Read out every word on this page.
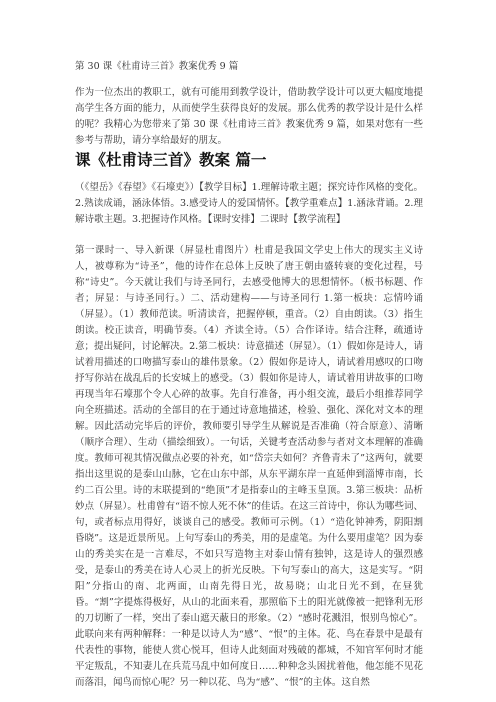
第 30 课《杜甫诗三首》教案优秀 9 篇
作为一位杰出的教职工，就有可能用到教学设计，借助教学设计可以更大幅度地提高学生各方面的能力，从而使学生获得良好的发展。那么优秀的教学设计是什么样的呢？我精心为您带来了第 30 课《杜甫诗三首》教案优秀 9 篇，如果对您有一些参考与帮助，请分享给最好的朋友。
课《杜甫诗三首》教案 篇一
（《望岳》《春望》《石壕吏》）【教学目标】1.理解诗歌主题；探究诗作风格的变化。2.熟读成诵，涵泳体悟。3.感受诗人的爱国情怀。【教学重难点】1.涵泳背诵。2.理解诗歌主题。3.把握诗作风格。【课时安排】二课时【教学流程】
第一课时一、导入新课（屏显杜甫图片）杜甫是我国文学史上伟大的现实主义诗人，被尊称为“诗圣”，他的诗作在总体上反映了唐王朝由盛转衰的变化过程，号称“诗史”。今天就让我们与诗圣同行，去感受他博大的思想情怀。（板书标题、作者；屏显：与诗圣同行。）二、活动建构——与诗圣同行 1.第一板块：忘情吟诵（屏显）。（1）教师范读。听清读音，把握停顿，重音。（2）自由朗读。（3）指生朗读。校正读音，明确节奏。（4）齐读全诗。（5）合作译诗。结合注释，疏通诗意；提出疑问，讨论解决。2.第二板块：诗意描述（屏显）。（1）假如你是诗人，请试着用描述的口吻描写泰山的雄伟景象。（2）假如你是诗人，请试着用感叹的口吻抒写你站在战乱后的长安城上的感受。（3）假如你是诗人，请试着用讲故事的口吻再现当年石壕那个令人心碎的故事。先自行准备，再小组交流，最后小组推荐同学向全班描述。活动的全部目的在于通过诗意地描述，检验、强化、深化对文本的理解。因此活动完毕后的评价，教师要引导学生从解说是否准确（符合原意）、清晰（顺序合理）、生动（描绘细致）。一句话，关键考查活动参与者对文本理解的准确度。教师可视其情况做点必要的补充，如“岱宗夫如何？齐鲁青未了”这两句，就要指出这里说的是泰山山脉，它在山东中部，从东平湖东岸一直延伸到淄博市南，长约二百公里。诗的末联提到的“绝顶”才是指泰山的主峰玉皇顶。3.第三板块：品析妙点（屏显）。杜甫曾有“语不惊人死不休”的佳话。在这三首诗中，你认为哪些词、句，或者标点用得好，谈谈自己的感受。教师可示例。（1）“造化钟神秀，阴阳割昏晓”。这是近景所见。上句写泰山的秀美，用的是虚笔。为什么要用虚笔？因为泰山的秀美实在是一言难尽，不如只写造物主对泰山情有独钟，这是诗人的强烈感受，是泰山的秀美在诗人心灵上的折光反映。下句写泰山的高大，这是实写。“阴阳”分指山的南、北两面，山南先得日光，故易晓；山北日光不到，在昼犹昏。“割”字提炼得极好，从山的北面来看，那照临下土的阳光就像被一把锋利无形的刀切断了一样，突出了泰山遮天蔽日的形象。（2）“感时花溅泪，恨别鸟惊心”。此联向来有两种解释：一种是以诗人为“感”、“恨”的主体。花、鸟在春景中是最有代表性的事物，能使人赏心悦耳，但诗人此刻面对残破的都城，不知官军何时才能平定叛乱，不知妻儿在兵荒马乱中如何度日……种种念头困扰着他，他怎能不见花而落泪，闻鸟而惊心呢？另一种以花、鸟为“感”、“恨”的主体。这自然
